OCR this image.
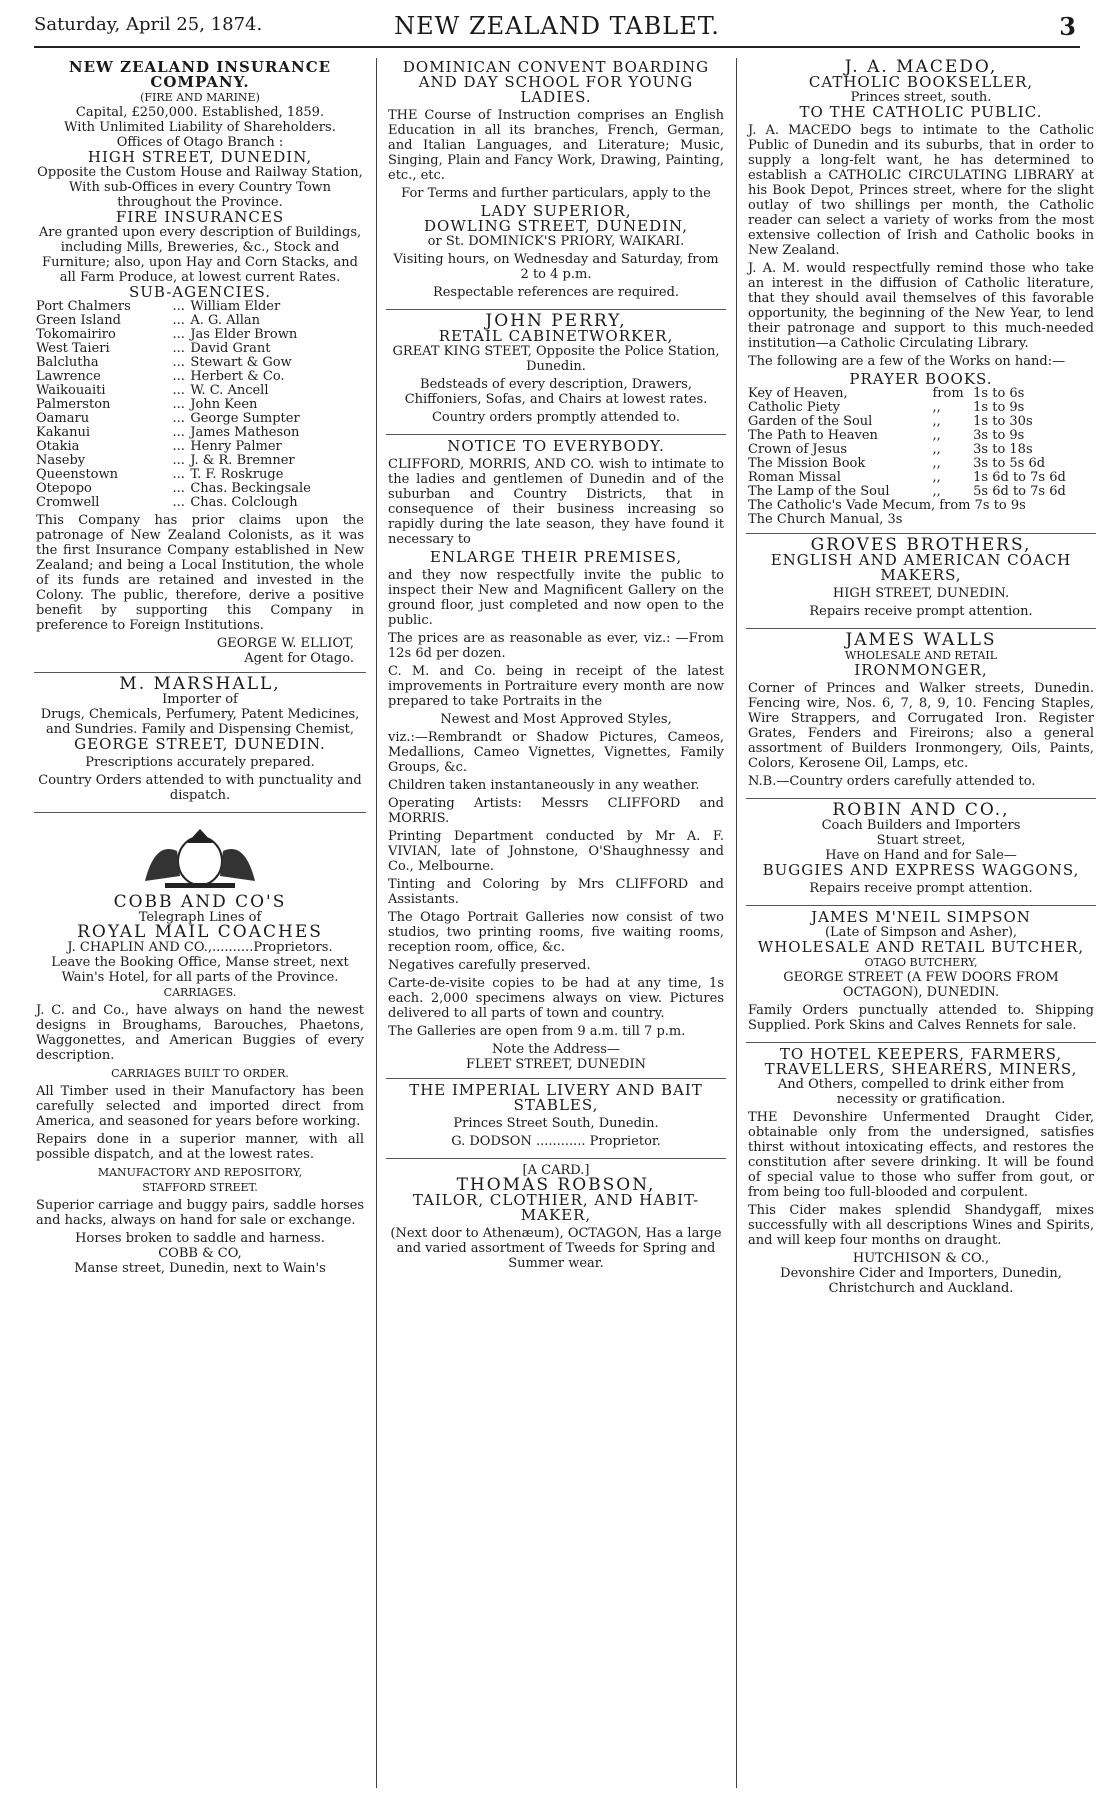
Saturday, April 25, 1874.	NEW ZEALAND TABLET.	3
NEW ZEALAND INSURANCE COMPANY.
(FIRE AND MARINE)
Capital, £250,000. Established, 1859.
With Unlimited Liability of Shareholders.
Offices of Otago Branch :
HIGH STREET, DUNEDIN,
Opposite the Custom House and Railway Station,
With sub-Offices in every Country Town throughout the Province.
FIRE INSURANCES
Are granted upon every description of Buildings, including Mills, Breweries, &c., Stock and Furniture; also, upon Hay and Corn Stacks, and all Farm Produce, at lowest current Rates.
SUB-AGENCIES.
Port Chalmers	...	William Elder
Green Island	...	A. G. Allan
Tokomairiro	...	Jas Elder Brown
West Taieri	...	David Grant
Balclutha	...	Stewart & Gow
Lawrence	...	Herbert & Co.
Waikouaiti	...	W. C. Ancell
Palmerston	...	John Keen
Oamaru	...	George Sumpter
Kakanui	...	James Matheson
Otakia	...	Henry Palmer
Naseby	...	J. & R. Bremner
Queenstown	...	T. F. Roskruge
Otepopo	...	Chas. Beckingsale
Cromwell	...	Chas. Colclough

This Company has prior claims upon the patronage of New Zealand Colonists, as it was the first Insurance Company established in New Zealand; and being a Local Institution, the whole of its funds are retained and invested in the Colony. The public, therefore, derive a positive benefit by supporting this Company in preference to Foreign Institutions.

GEORGE W. ELLIOT,
Agent for Otago.
M. MARSHALL,
Importer of
Drugs, Chemicals, Perfumery, Patent Medicines, and Sundries. Family and Dispensing Chemist,
GEORGE STREET, DUNEDIN.

Prescriptions accurately prepared.

Country Orders attended to with punctuality and dispatch.

COBB AND CO'S
Telegraph Lines of
ROYAL MAIL COACHES
J. CHAPLIN AND CO.,..........Proprietors.
Leave the Booking Office, Manse street, next Wain's Hotel, for all parts of the Province.
CARRIAGES.

J. C. and Co., have always on hand the newest designs in Broughams, Barouches, Phaetons, Waggonettes, and American Buggies of every description.

CARRIAGES BUILT TO ORDER.

All Timber used in their Manufactory has been carefully selected and imported direct from America, and seasoned for years before working.

Repairs done in a superior manner, with all possible dispatch, and at the lowest rates.

MANUFACTORY AND REPOSITORY,
STAFFORD STREET.

Superior carriage and buggy pairs, saddle horses and hacks, always on hand for sale or exchange.

Horses broken to saddle and harness.
COBB & CO,
Manse street, Dunedin, next to Wain's
DOMINICAN CONVENT BOARDING AND DAY SCHOOL FOR YOUNG LADIES.

THE Course of Instruction comprises an English Education in all its branches, French, German, and Italian Languages, and Literature; Music, Singing, Plain and Fancy Work, Drawing, Painting, etc., etc.

For Terms and further particulars, apply to the

LADY SUPERIOR,
DOWLING STREET, DUNEDIN,
or St. DOMINICK'S PRIORY, WAIKARI.

Visiting hours, on Wednesday and Saturday, from 2 to 4 p.m.

Respectable references are required.

JOHN PERRY,
RETAIL CABINETWORKER,
GREAT KING STEET, Opposite the Police Station, Dunedin.

Bedsteads of every description, Drawers, Chiffoniers, Sofas, and Chairs at lowest rates.

Country orders promptly attended to.

NOTICE TO EVERYBODY.

CLIFFORD, MORRIS, AND CO. wish to intimate to the ladies and gentlemen of Dunedin and of the suburban and Country Districts, that in consequence of their business increasing so rapidly during the late season, they have found it necessary to

ENLARGE THEIR PREMISES,

and they now respectfully invite the public to inspect their New and Magnificent Gallery on the ground floor, just completed and now open to the public.

The prices are as reasonable as ever, viz.: —From 12s 6d per dozen.

C. M. and Co. being in receipt of the latest improvements in Portraiture every month are now prepared to take Portraits in the

Newest and Most Approved Styles,

viz.:—Rembrandt or Shadow Pictures, Cameos, Medallions, Cameo Vignettes, Vignettes, Family Groups, &c.

Children taken instantaneously in any weather.

Operating Artists: Messrs CLIFFORD and MORRIS.

Printing Department conducted by Mr A. F. VIVIAN, late of Johnstone, O'Shaughnessy and Co., Melbourne.

Tinting and Coloring by Mrs CLIFFORD and Assistants.

The Otago Portrait Galleries now consist of two studios, two printing rooms, five waiting rooms, reception room, office, &c.

Negatives carefully preserved.

Carte-de-visite copies to be had at any time, 1s each. 2,000 specimens always on view. Pictures delivered to all parts of town and country.

The Galleries are open from 9 a.m. till 7 p.m.

Note the Address—
FLEET STREET, DUNEDIN
THE IMPERIAL LIVERY AND BAIT STABLES,

Princes Street South, Dunedin.

G. DODSON ............ Proprietor.

[A CARD.]
THOMAS ROBSON,
TAILOR, CLOTHIER, AND HABIT-MAKER,

(Next door to Athenæum), OCTAGON, Has a large and varied assortment of Tweeds for Spring and Summer wear.

J. A. MACEDO,
CATHOLIC BOOKSELLER,
Princes street, south.
TO THE CATHOLIC PUBLIC.

J. A. MACEDO begs to intimate to the Catholic Public of Dunedin and its suburbs, that in order to supply a long-felt want, he has determined to establish a CATHOLIC CIRCULATING LIBRARY at his Book Depot, Princes street, where for the slight outlay of two shillings per month, the Catholic reader can select a variety of works from the most extensive collection of Irish and Catholic books in New Zealand.

J. A. M. would respectfully remind those who take an interest in the diffusion of Catholic literature, that they should avail themselves of this favorable opportunity, the beginning of the New Year, to lend their patronage and support to this much-needed institution—a Catholic Circulating Library.

The following are a few of the Works on hand:—

PRAYER BOOKS.
Key of Heaven,	from	1s to 6s
Catholic Piety	,,	1s to 9s
Garden of the Soul	,,	1s to 30s
The Path to Heaven	,,	3s to 9s
Crown of Jesus	,,	3s to 18s
The Mission Book	,,	3s to 5s 6d
Roman Missal	,,	1s 6d to 7s 6d
The Lamp of the Soul	,,	5s 6d to 7s 6d
The Catholic's Vade Mecum, from 7s to 9s		
The Church Manual, 3s		
GROVES BROTHERS,
ENGLISH AND AMERICAN COACH MAKERS,

HIGH STREET, DUNEDIN.

Repairs receive prompt attention.

JAMES WALLS
WHOLESALE AND RETAIL
IRONMONGER,

Corner of Princes and Walker streets, Dunedin. Fencing wire, Nos. 6, 7, 8, 9, 10. Fencing Staples, Wire Strappers, and Corrugated Iron. Register Grates, Fenders and Fireirons; also a general assortment of Builders Ironmongery, Oils, Paints, Colors, Kerosene Oil, Lamps, etc.

N.B.—Country orders carefully attended to.

ROBIN AND CO.,
Coach Builders and Importers
Stuart street,
Have on Hand and for Sale—
BUGGIES AND EXPRESS WAGGONS,

Repairs receive prompt attention.

JAMES M'NEIL SIMPSON
(Late of Simpson and Asher),
WHOLESALE AND RETAIL BUTCHER,
OTAGO BUTCHERY,
GEORGE STREET (A FEW DOORS FROM OCTAGON), DUNEDIN.

Family Orders punctually attended to. Shipping Supplied. Pork Skins and Calves Rennets for sale.

TO HOTEL KEEPERS, FARMERS, TRAVELLERS, SHEARERS, MINERS,
And Others, compelled to drink either from necessity or gratification.

THE Devonshire Unfermented Draught Cider, obtainable only from the undersigned, satisfies thirst without intoxicating effects, and restores the constitution after severe drinking. It will be found of special value to those who suffer from gout, or from being too full-blooded and corpulent.

This Cider makes splendid Shandygaff, mixes successfully with all descriptions Wines and Spirits, and will keep four months on draught.

HUTCHISON & CO.,
Devonshire Cider and Importers, Dunedin, Christchurch and Auckland.
